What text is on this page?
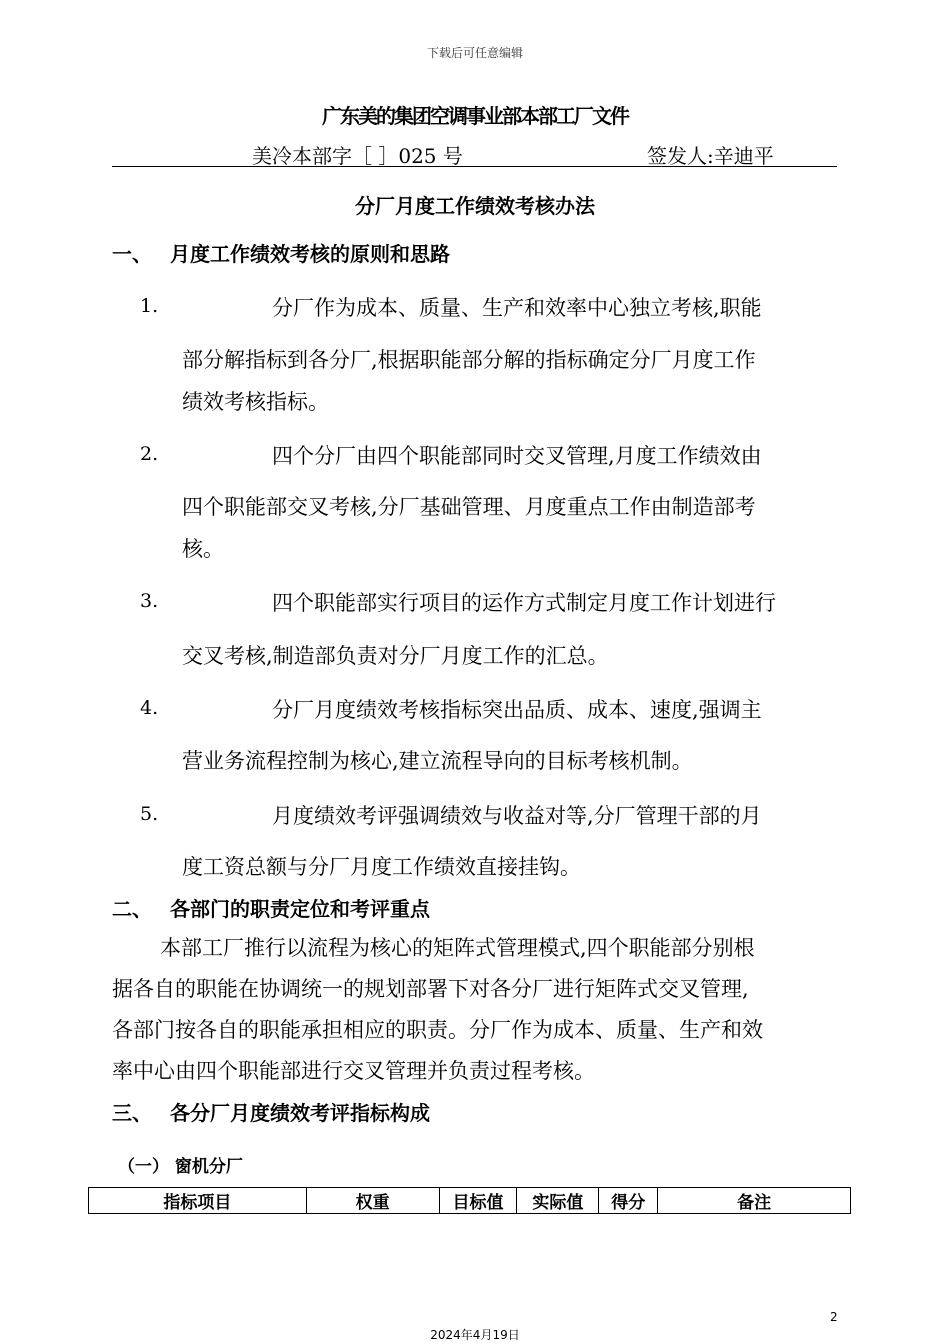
下载后可任意编辑
广东美的集团空调事业部本部工厂文件
美冷本部字［ ］025 号	签发人:辛迪平
分厂月度工作绩效考核办法
一、 月度工作绩效考核的原则和思路
1.	分厂作为成本、质量、生产和效率中心独立考核,职能
部分解指标到各分厂,根据职能部分解的指标确定分厂月度工作
绩效考核指标。
2.	四个分厂由四个职能部同时交叉管理,月度工作绩效由
四个职能部交叉考核,分厂基础管理、月度重点工作由制造部考
核。
3.	四个职能部实行项目的运作方式制定月度工作计划进行
交叉考核,制造部负责对分厂月度工作的汇总。
4.	分厂月度绩效考核指标突出品质、成本、速度,强调主
营业务流程控制为核心,建立流程导向的目标考核机制。
5.	月度绩效考评强调绩效与收益对等,分厂管理干部的月
度工资总额与分厂月度工作绩效直接挂钩。
二、 各部门的职责定位和考评重点
本部工厂推行以流程为核心的矩阵式管理模式,四个职能部分别根
据各自的职能在协调统一的规划部署下对各分厂进行矩阵式交叉管理,
各部门按各自的职能承担相应的职责。分厂作为成本、质量、生产和效
率中心由四个职能部进行交叉管理并负责过程考核。
三、 各分厂月度绩效考评指标构成
（一） 窗机分厂
指标项目	权重	目标值	实际值	得分	备注
2
2024年4月19日
